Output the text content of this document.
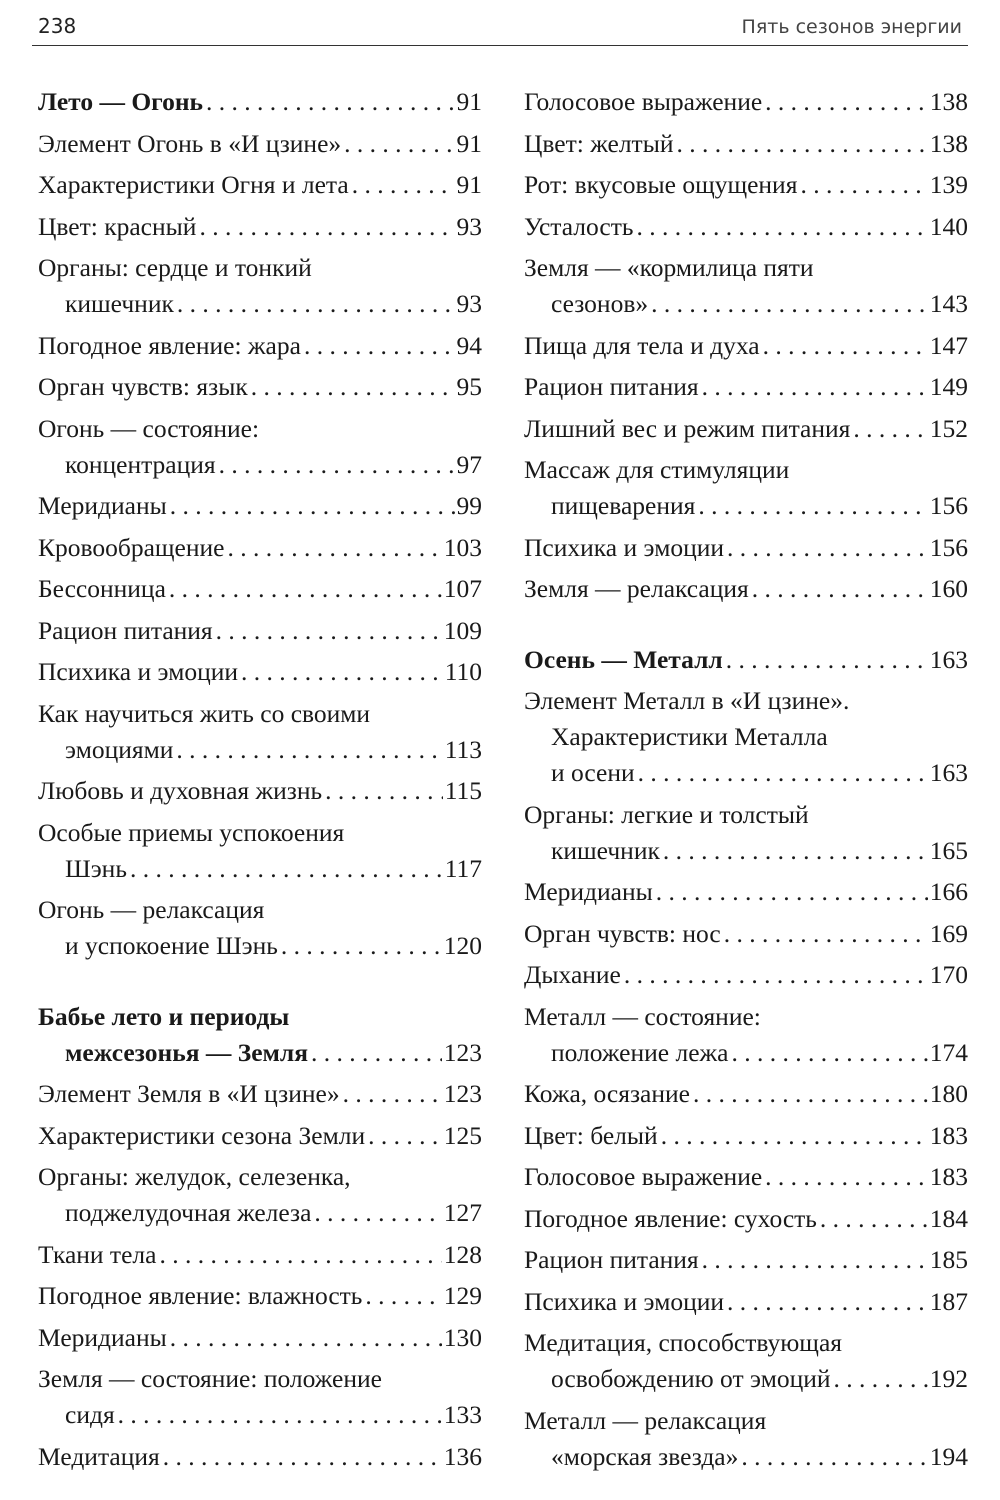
238	Пять сезонов энергии
Лето — Огонь . . .	91
Элемент Огонь в «И цзине» . . .	91
Характеристики Огня и лета . . .	91
Цвет: красный . . .	93
Органы: сердце и тонкий
кишечник . . .	93
Погодное явление: жара . . .	94
Орган чувств: язык . . .	95
Огонь — состояние:
концентрация . . .	97
Меридианы . . .	99
Кровообращение . . .	103
Бессонница . . .	107
Рацион питания . . .	109
Психика и эмоции . . .	110
Как научиться жить со своими
эмоциями . . .	113
Любовь и духовная жизнь . . .	115
Особые приемы успокоения
Шэнь . . .	117
Огонь — релаксация
и успокоение Шэнь . . .	120
Бабье лето и периоды
межсезонья — Земля . . .	123
Элемент Земля в «И цзине» . . .	123
Характеристики сезона Земли . . .	125
Органы: желудок, селезенка,
поджелудочная железа . . .	127
Ткани тела . . .	128
Погодное явление: влажность . . .	129
Меридианы . . .	130
Земля — состояние: положение
сидя . . .	133
Медитация . . .	136
Голосовое выражение . . .	138
Цвет: желтый . . .	138
Рот: вкусовые ощущения . . .	139
Усталость . . .	140
Земля — «кормилица пяти
сезонов» . . .	143
Пища для тела и духа . . .	147
Рацион питания . . .	149
Лишний вес и режим питания . . .	152
Массаж для стимуляции
пищеварения . . .	156
Психика и эмоции . . .	156
Земля — релаксация . . .	160
Осень — Металл . . .	163
Элемент Металл в «И цзине».
Характеристики Металла
и осени . . .	163
Органы: легкие и толстый
кишечник . . .	165
Меридианы . . .	166
Орган чувств: нос . . .	169
Дыхание . . .	170
Металл — состояние:
положение лежа . . .	174
Кожа, осязание . . .	180
Цвет: белый . . .	183
Голосовое выражение . . .	183
Погодное явление: сухость . . .	184
Рацион питания . . .	185
Психика и эмоции . . .	187
Медитация, способствующая
освобождению от эмоций . . .	192
Металл — релаксация
«морская звезда» . . .	194
